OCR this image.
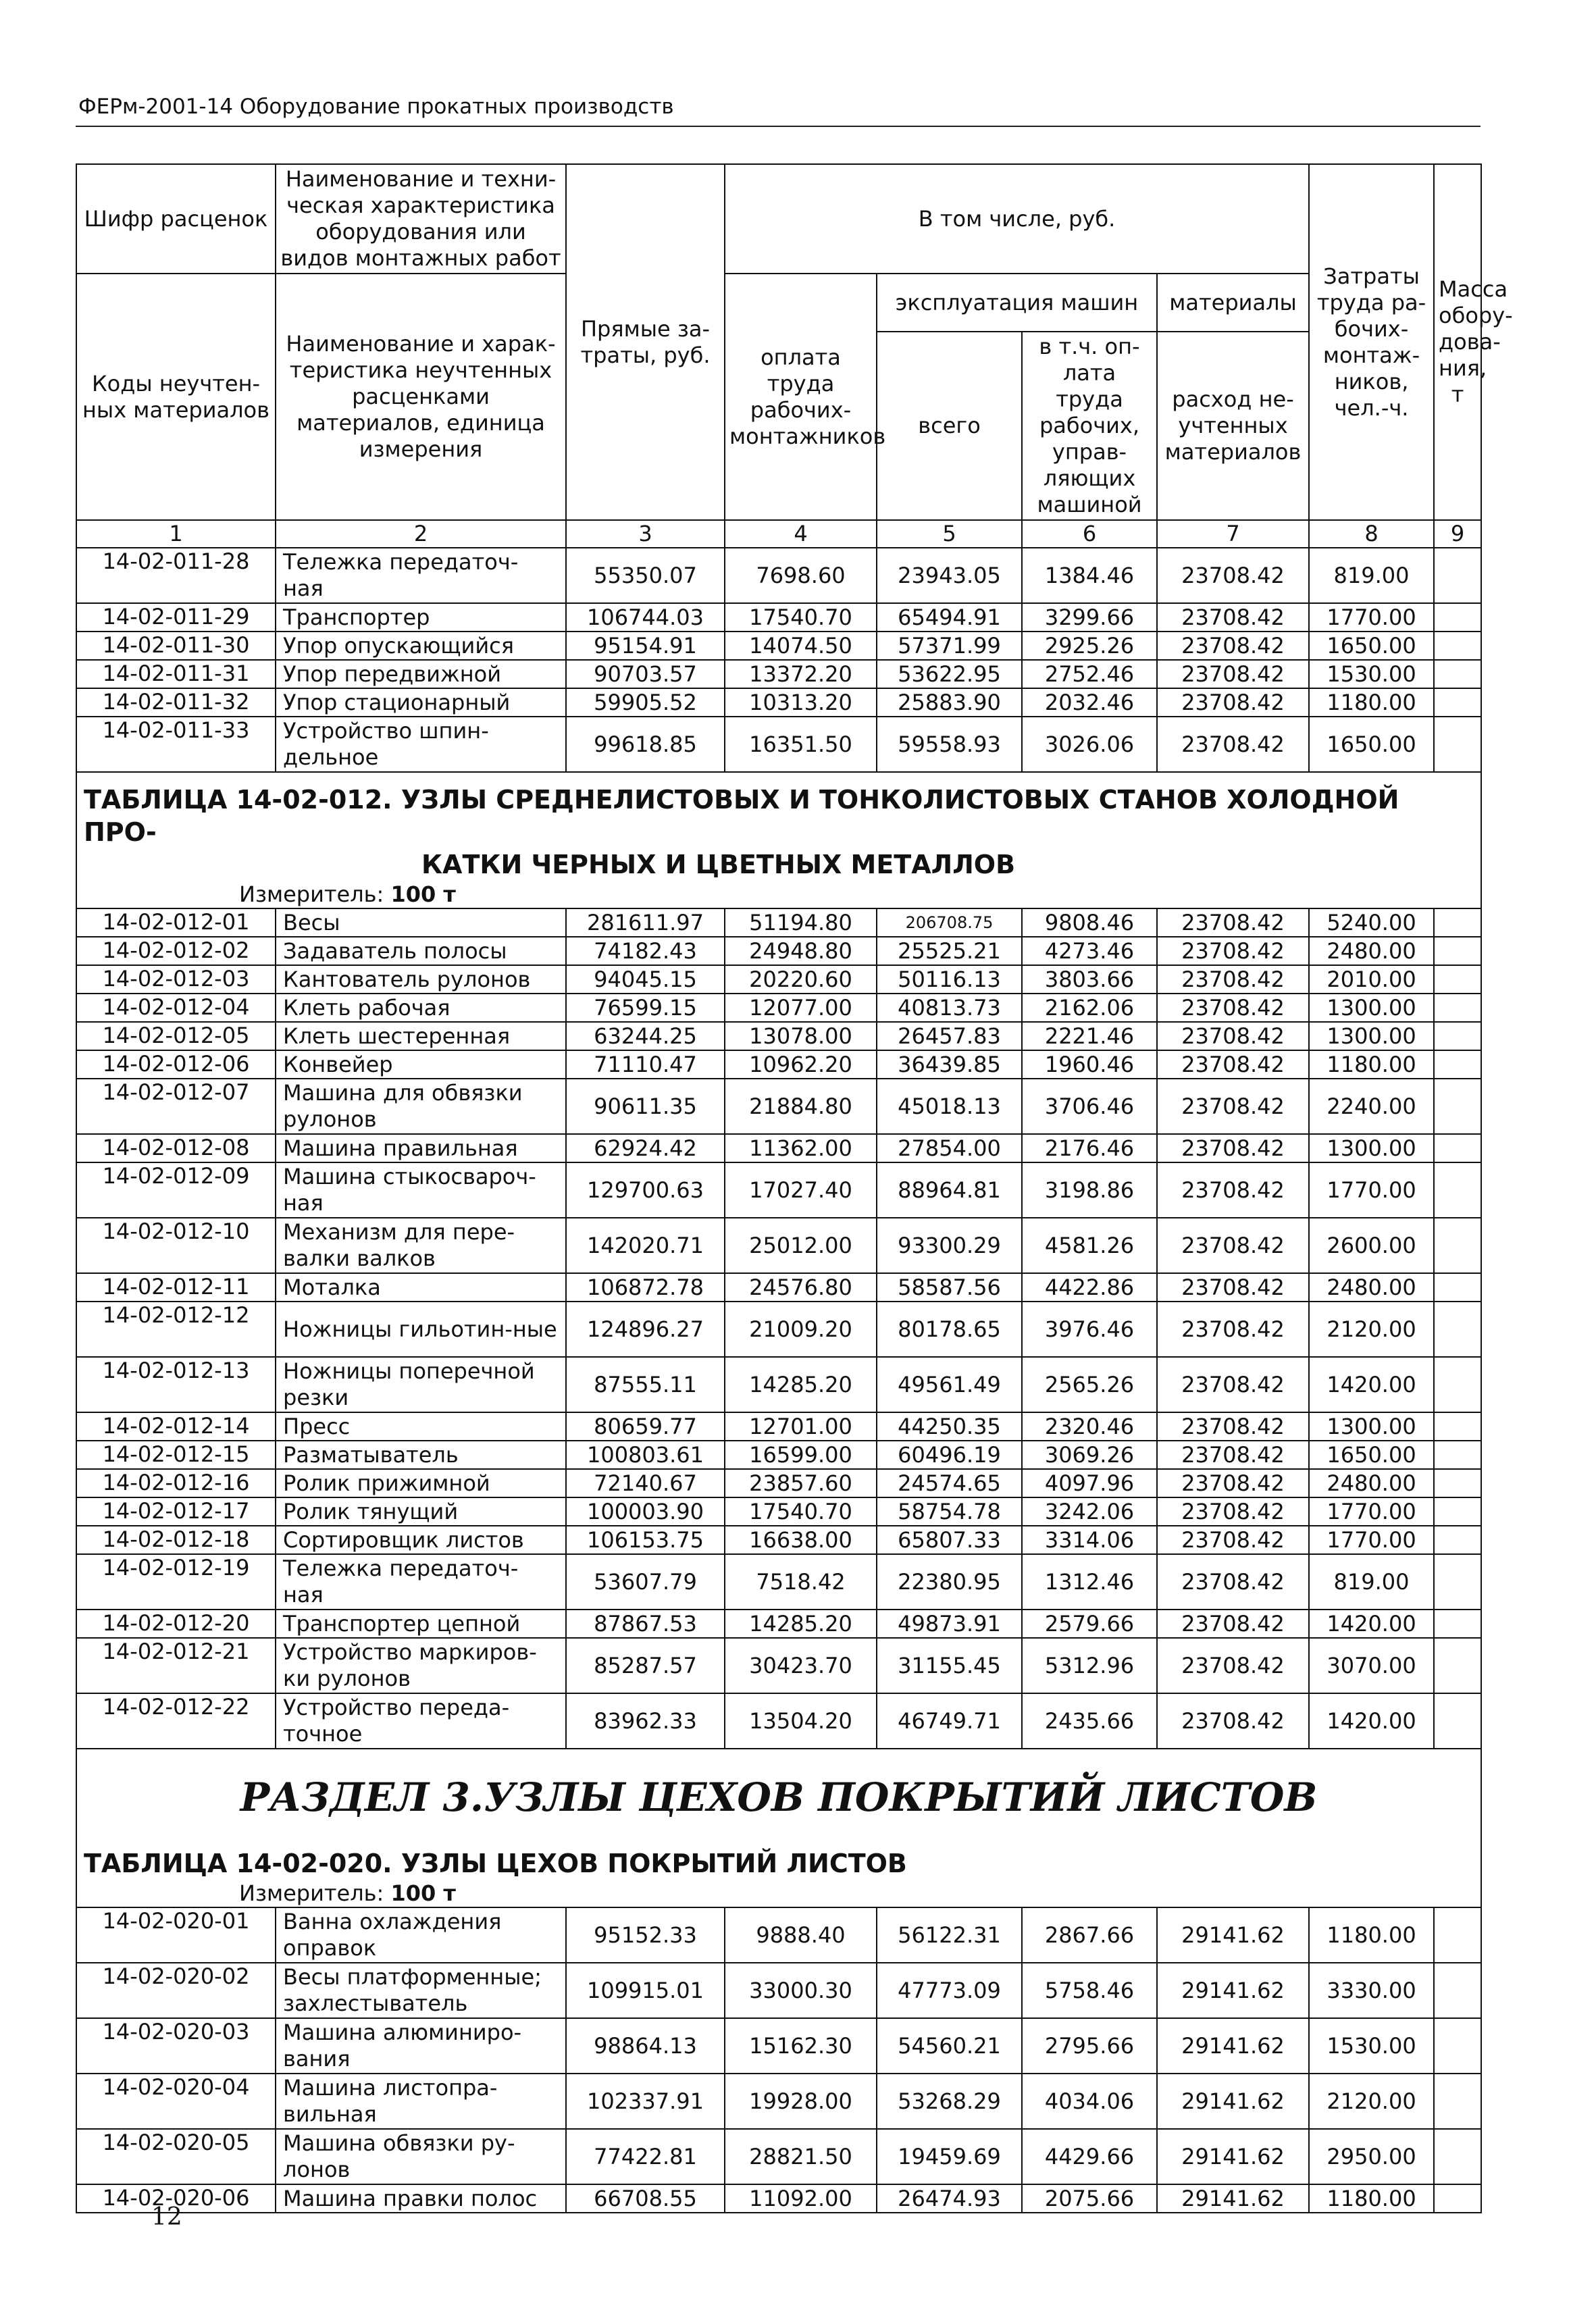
ФЕРм-2001-14 Оборудование прокатных производств
Шифр расценок	Наименование и техни-ческая характеристика оборудования или видов монтажных работ	Прямые за-траты, руб.	В том числе, руб.				Затраты труда ра-бочих-монтаж-ников, чел.-ч.	Масса обору-дова-ния, т
Коды неучтен-ных материалов	Наименование и харак-теристика неучтенных расценками материалов, единица измерения		оплата труда рабочих-монтажников	эксплуатация машин		материалы		
				всего	в т.ч. оп-лата труда рабочих, управ-ляющих машиной	расход не-учтенных материалов		
1	2	3	4	5	6	7	8	9
14-02-011-28	Тележка передаточ-ная	55350.07	7698.60	23943.05	1384.46	23708.42	819.00	
14-02-011-29	Транспортер	106744.03	17540.70	65494.91	3299.66	23708.42	1770.00	
14-02-011-30	Упор опускающийся	95154.91	14074.50	57371.99	2925.26	23708.42	1650.00	
14-02-011-31	Упор передвижной	90703.57	13372.20	53622.95	2752.46	23708.42	1530.00	
14-02-011-32	Упор стационарный	59905.52	10313.20	25883.90	2032.46	23708.42	1180.00	
14-02-011-33	Устройство шпин-дельное	99618.85	16351.50	59558.93	3026.06	23708.42	1650.00	

ТАБЛИЦА 14-02-012. УЗЛЫ СРЕДНЕЛИСТОВЫХ И ТОНКОЛИСТОВЫХ СТАНОВ ХОЛОДНОЙ ПРО-
КАТКИ ЧЕРНЫХ И ЦВЕТНЫХ МЕТАЛЛОВ
Измеритель: 100 т								

14-02-012-01	Весы	281611.97	51194.80	206708.75	9808.46	23708.42	5240.00	
14-02-012-02	Задаватель полосы	74182.43	24948.80	25525.21	4273.46	23708.42	2480.00	
14-02-012-03	Кантователь рулонов	94045.15	20220.60	50116.13	3803.66	23708.42	2010.00	
14-02-012-04	Клеть рабочая	76599.15	12077.00	40813.73	2162.06	23708.42	1300.00	
14-02-012-05	Клеть шестеренная	63244.25	13078.00	26457.83	2221.46	23708.42	1300.00	
14-02-012-06	Конвейер	71110.47	10962.20	36439.85	1960.46	23708.42	1180.00	
14-02-012-07	Машина для обвязки рулонов	90611.35	21884.80	45018.13	3706.46	23708.42	2240.00	
14-02-012-08	Машина правильная	62924.42	11362.00	27854.00	2176.46	23708.42	1300.00	
14-02-012-09	Машина стыкосвароч-ная	129700.63	17027.40	88964.81	3198.86	23708.42	1770.00	
14-02-012-10	Механизм для пере-валки валков	142020.71	25012.00	93300.29	4581.26	23708.42	2600.00	
14-02-012-11	Моталка	106872.78	24576.80	58587.56	4422.86	23708.42	2480.00	
14-02-012-12	Ножницы гильотин-ные	124896.27	21009.20	80178.65	3976.46	23708.42	2120.00	
14-02-012-13	Ножницы поперечной резки	87555.11	14285.20	49561.49	2565.26	23708.42	1420.00	
14-02-012-14	Пресс	80659.77	12701.00	44250.35	2320.46	23708.42	1300.00	
14-02-012-15	Разматыватель	100803.61	16599.00	60496.19	3069.26	23708.42	1650.00	
14-02-012-16	Ролик прижимной	72140.67	23857.60	24574.65	4097.96	23708.42	2480.00	
14-02-012-17	Ролик тянущий	100003.90	17540.70	58754.78	3242.06	23708.42	1770.00	
14-02-012-18	Сортировщик листов	106153.75	16638.00	65807.33	3314.06	23708.42	1770.00	
14-02-012-19	Тележка передаточ-ная	53607.79	7518.42	22380.95	1312.46	23708.42	819.00	
14-02-012-20	Транспортер цепной	87867.53	14285.20	49873.91	2579.66	23708.42	1420.00	
14-02-012-21	Устройство маркиров-ки рулонов	85287.57	30423.70	31155.45	5312.96	23708.42	3070.00	
14-02-012-22	Устройство переда-точное	83962.33	13504.20	46749.71	2435.66	23708.42	1420.00	

РАЗДЕЛ 3.УЗЛЫ ЦЕХОВ ПОКРЫТИЙ ЛИСТОВ
ТАБЛИЦА 14-02-020. УЗЛЫ ЦЕХОВ ПОКРЫТИЙ ЛИСТОВ
Измеритель: 100 т								

14-02-020-01	Ванна охлаждения оправок	95152.33	9888.40	56122.31	2867.66	29141.62	1180.00	
14-02-020-02	Весы платформенные; захлестыватель	109915.01	33000.30	47773.09	5758.46	29141.62	3330.00	
14-02-020-03	Машина алюминиро-вания	98864.13	15162.30	54560.21	2795.66	29141.62	1530.00	
14-02-020-04	Машина листопра-вильная	102337.91	19928.00	53268.29	4034.06	29141.62	2120.00	
14-02-020-05	Машина обвязки ру-лонов	77422.81	28821.50	19459.69	4429.66	29141.62	2950.00	
14-02-020-06	Машина правки полос	66708.55	11092.00	26474.93	2075.66	29141.62	1180.00	
12
